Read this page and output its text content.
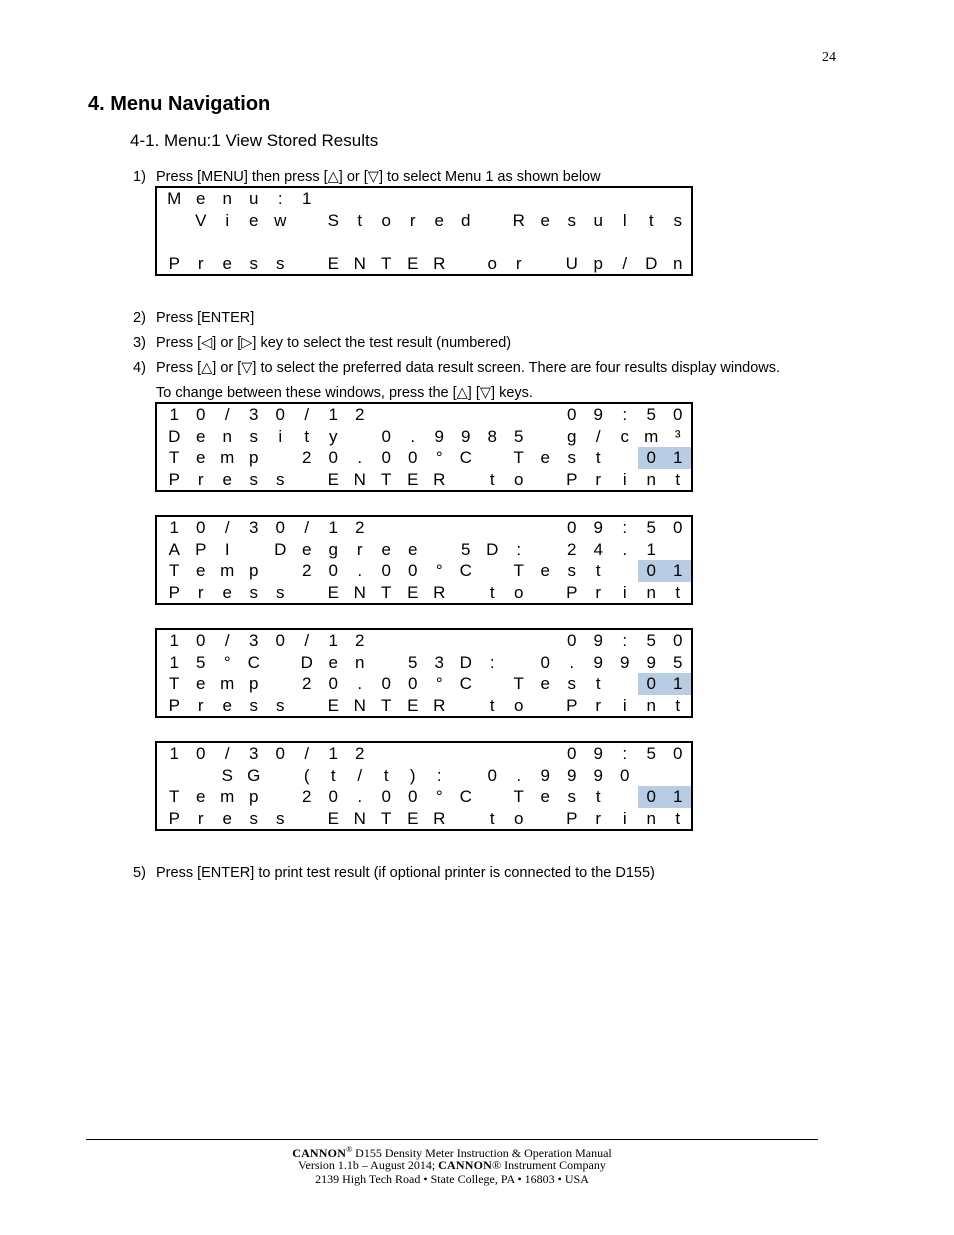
24
4. Menu Navigation
4-1. Menu:1 View Stored Results
1) Press [MENU] then press [△] or [▽] to select Menu 1 as shown below
M e	n	u	:	1
V	i	e w	S	t	o	r	e	d	R e	s	u	l	t	s
P	r	e	s	s	E N T E R	o	r	U p	/	D n
2) Press [ENTER]
3) Press [◁] or [▷] key to select the test result (numbered)
4) Press [△] or [▽] to select the preferred data result screen. There are four results display windows.
To change between these windows, press the [△] [▽] keys.
1	0	/	3	0	/	1	2	0	9	:	5	0
D e	n	s	i	t	y	0	.	9	9	8	5	g	/	c m ³
T e m p	2	0	.	0	0	° C	T e	s	t	0	1
P	r	e	s	s	E N T E R	t	o	P	r	i	n	t
1	0	/	3	0	/	1	2	0	9	:	5	0
A P	I	D e	g	r	e	e	5 D	:	2	4	.	1
T e m p	2	0	.	0	0	° C	T e	s	t	0	1
P	r	e	s	s	E N T E R	t	o	P	r	i	n	t
1	0	/	3	0	/	1	2	0	9	:	5	0
1	5	° C	D e	n	5	3 D	:	0	.	9	9	9	5
T e m p	2	0	.	0	0	° C	T e	s	t	0	1
P	r	e	s	s	E N T E R	t	o	P	r	i	n	t
1	0	/	3	0	/	1	2	0	9	:	5	0
S G	(	t	/	t	)	:	0	.	9	9	9	0
T e m p	2	0	.	0	0	° C	T e	s	t	0	1
P	r	e	s	s	E N T E R	t	o	P	r	i	n	t
5) Press [ENTER] to print test result (if optional printer is connected to the D155)
CANNON® D155 Density Meter Instruction & Operation Manual
Version 1.1b – August 2014; CANNON® Instrument Company
2139 High Tech Road • State College, PA • 16803 • USA
